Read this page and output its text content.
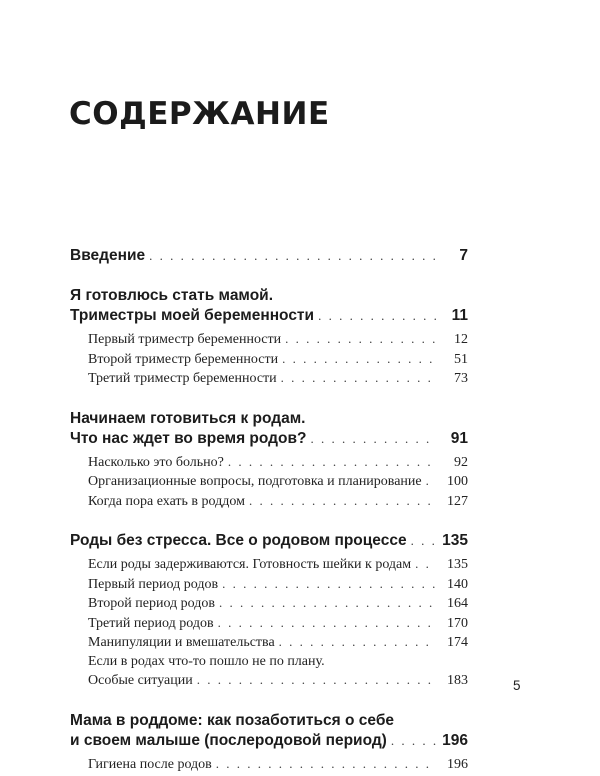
СОДЕРЖАНИЕ
Введение . . .	7
Я готовлюсь стать мамой.
Триместры моей беременности . . .	11
Первый триместр беременности . . .	12
Второй триместр беременности . . .	51
Третий триместр беременности . . .	73
Начинаем готовиться к родам.
Что нас ждет во время родов? . . .	91
Насколько это больно? . . .	92
Организационные вопросы, подготовка и планирование . . .	100
Когда пора ехать в роддом . . .	127
Роды без стресса. Все о родовом процессе . . . 135
Если роды задерживаются. Готовность шейки к родам . . .	135
Первый период родов . . .	140
Второй период родов . . .	164
Третий период родов . . .	170
Манипуляции и вмешательства . . .	174
Если в родах что-то пошло не по плану.
Особые ситуации . . .	183
Мама в роддоме: как позаботиться о себе
и своем малыше (послеродовой период) . . .	196
Гигиена после родов . . .	196
5
